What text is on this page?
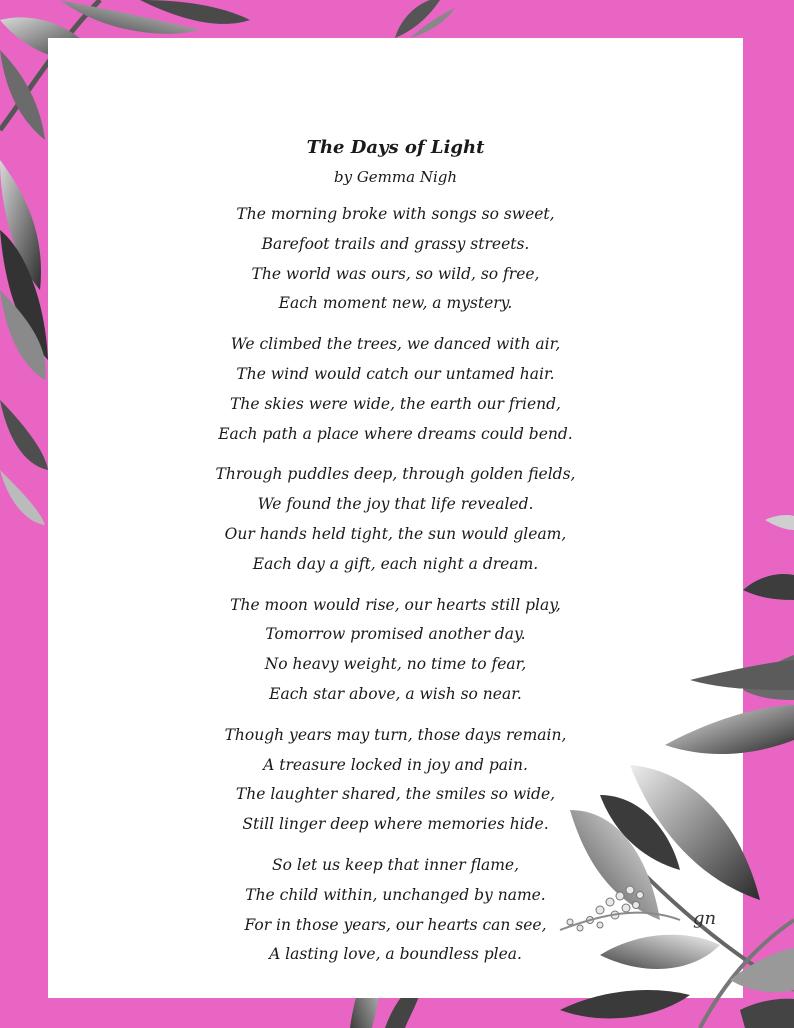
The Days of Light
by Gemma Nigh
The morning broke with songs so sweet,
Barefoot trails and grassy streets.
The world was ours, so wild, so free,
Each moment new, a mystery.
We climbed the trees, we danced with air,
The wind would catch our untamed hair.
The skies were wide, the earth our friend,
Each path a place where dreams could bend.
Through puddles deep, through golden fields,
We found the joy that life revealed.
Our hands held tight, the sun would gleam,
Each day a gift, each night a dream.
The moon would rise, our hearts still play,
Tomorrow promised another day.
No heavy weight, no time to fear,
Each star above, a wish so near.
Though years may turn, those days remain,
A treasure locked in joy and pain.
The laughter shared, the smiles so wide,
Still linger deep where memories hide.
So let us keep that inner flame,
The child within, unchanged by name.
For in those years, our hearts can see,
A lasting love, a boundless plea.
gn
